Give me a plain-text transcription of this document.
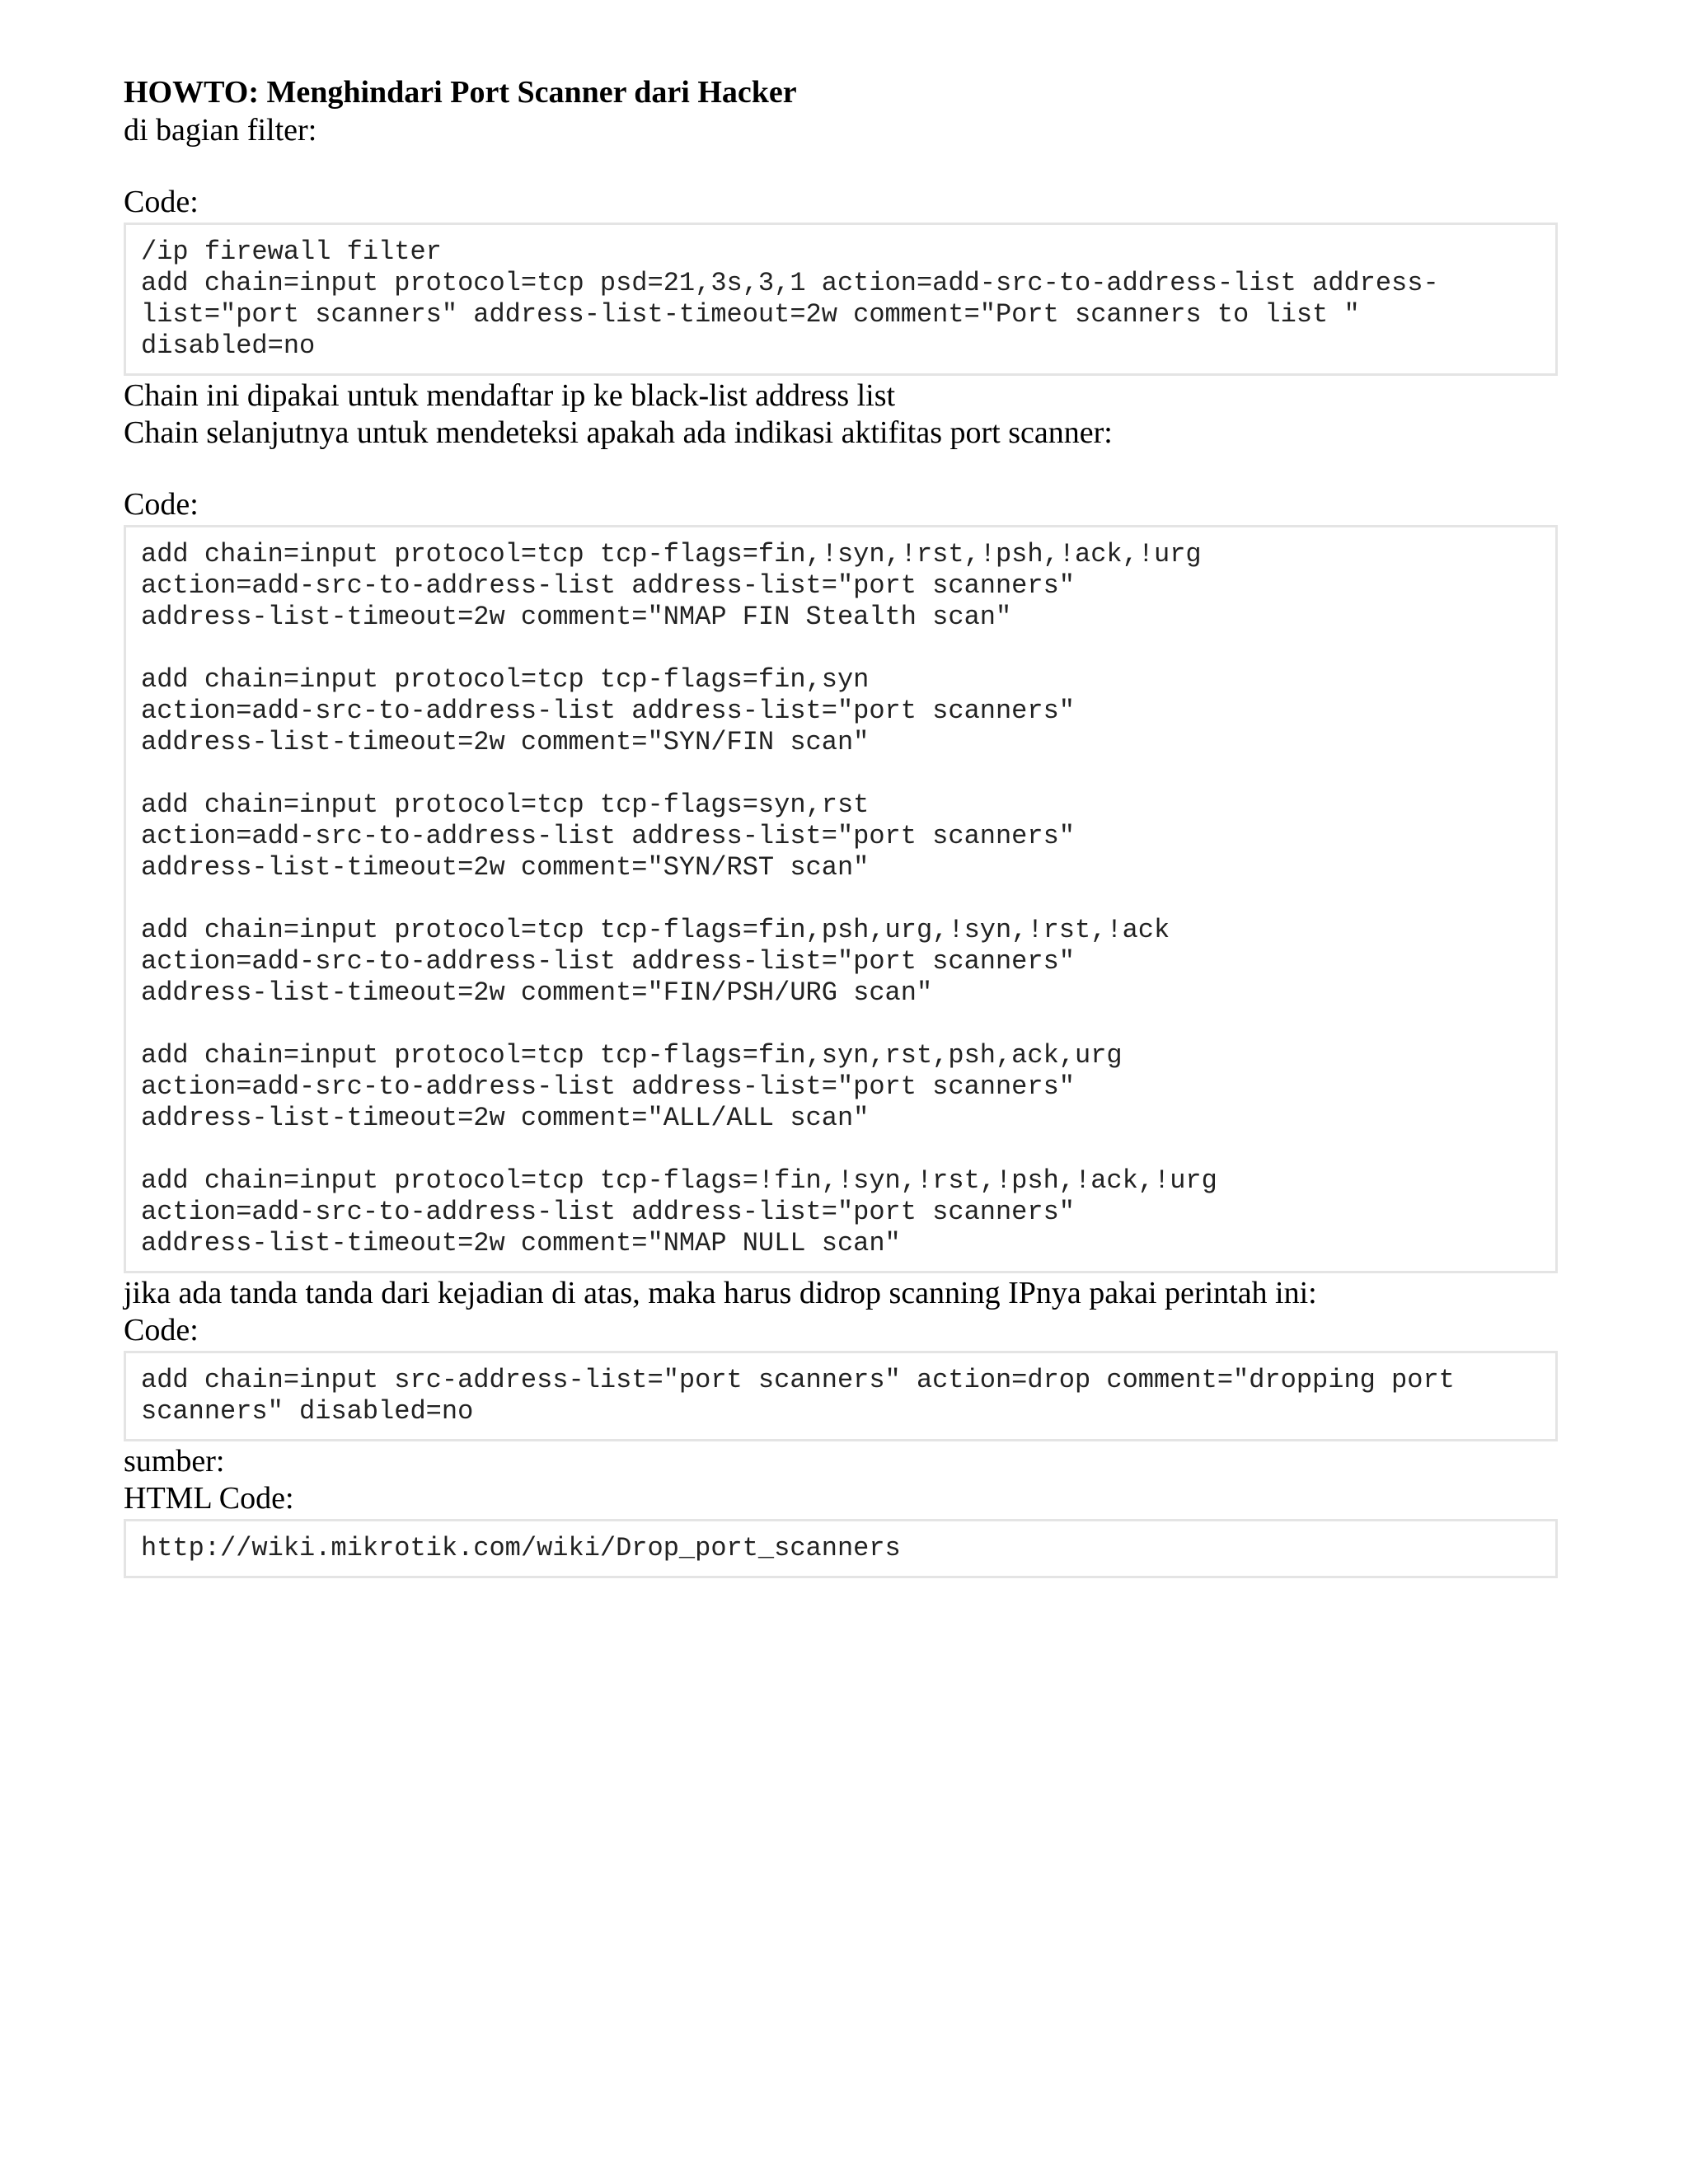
HOWTO: Menghindari Port Scanner dari Hacker

di bagian filter:

Code:

/ip firewall filter
add chain=input protocol=tcp psd=21,3s,3,1 action=add-src-to-address-list address-
list="port scanners" address-list-timeout=2w comment="Port scanners to list "
disabled=no

Chain ini dipakai untuk mendaftar ip ke black-list address list

Chain selanjutnya untuk mendeteksi apakah ada indikasi aktifitas port scanner:

Code:

add chain=input protocol=tcp tcp-flags=fin,!syn,!rst,!psh,!ack,!urg
action=add-src-to-address-list address-list="port scanners"
address-list-timeout=2w comment="NMAP FIN Stealth scan"
add chain=input protocol=tcp tcp-flags=fin,syn
action=add-src-to-address-list address-list="port scanners"
address-list-timeout=2w comment="SYN/FIN scan"
add chain=input protocol=tcp tcp-flags=syn,rst
action=add-src-to-address-list address-list="port scanners"
address-list-timeout=2w comment="SYN/RST scan"
add chain=input protocol=tcp tcp-flags=fin,psh,urg,!syn,!rst,!ack
action=add-src-to-address-list address-list="port scanners"
address-list-timeout=2w comment="FIN/PSH/URG scan"
add chain=input protocol=tcp tcp-flags=fin,syn,rst,psh,ack,urg
action=add-src-to-address-list address-list="port scanners"
address-list-timeout=2w comment="ALL/ALL scan"
add chain=input protocol=tcp tcp-flags=!fin,!syn,!rst,!psh,!ack,!urg
action=add-src-to-address-list address-list="port scanners"
address-list-timeout=2w comment="NMAP NULL scan"

jika ada tanda tanda dari kejadian di atas, maka harus didrop scanning IPnya pakai perintah ini:

Code:

add chain=input src-address-list="port scanners" action=drop comment="dropping port
scanners" disabled=no

sumber:

HTML Code:

http://wiki.mikrotik.com/wiki/Drop_port_scanners
